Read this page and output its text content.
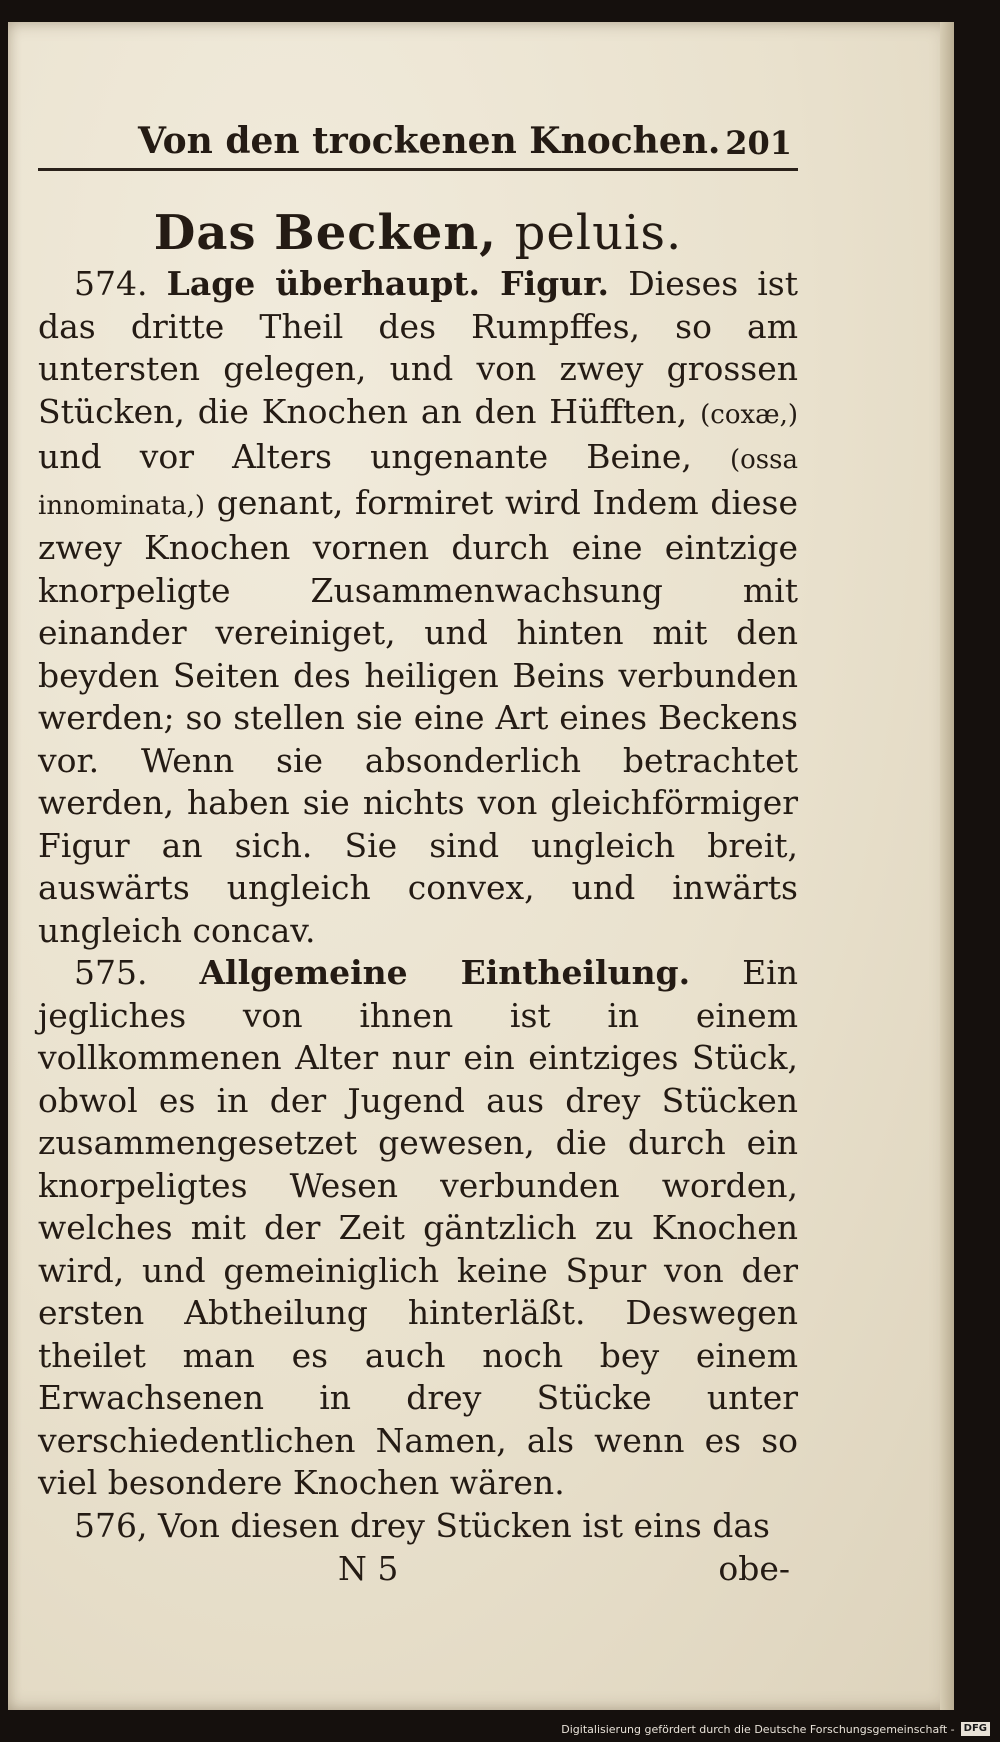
Von den trockenen Knochen. 201
Das Becken, peluis.

574. Lage überhaupt. Figur. Dieses ist das dritte Theil des Rumpffes, so am untersten gelegen, und von zwey grossen Stücken, die Knochen an den Hüfften, (coxæ,) und vor Alters ungenante Beine, (ossa innominata,) genant, formiret wird Indem diese zwey Knochen vornen durch eine eintzige knorpeligte Zusammenwachsung mit einander vereiniget, und hinten mit den beyden Seiten des heiligen Beins verbunden werden; so stellen sie eine Art eines Beckens vor. Wenn sie absonderlich betrachtet werden, haben sie nichts von gleichförmiger Figur an sich. Sie sind ungleich breit, auswärts ungleich convex, und inwärts ungleich concav.

575. Allgemeine Eintheilung. Ein jegliches von ihnen ist in einem vollkommenen Alter nur ein eintziges Stück, obwol es in der Jugend aus drey Stücken zusammengesetzet gewesen, die durch ein knorpeligtes Wesen verbunden worden, welches mit der Zeit gäntzlich zu Knochen wird, und gemeiniglich keine Spur von der ersten Abtheilung hinterläßt. Deswegen theilet man es auch noch bey einem Erwachsenen in drey Stücke unter verschiedentlichen Namen, als wenn es so viel besondere Knochen wären.

576, Von diesen drey Stücken ist eins das

N 5	obe-
Digitalisierung gefördert durch die Deutsche Forschungsgemeinschaft - DFG
